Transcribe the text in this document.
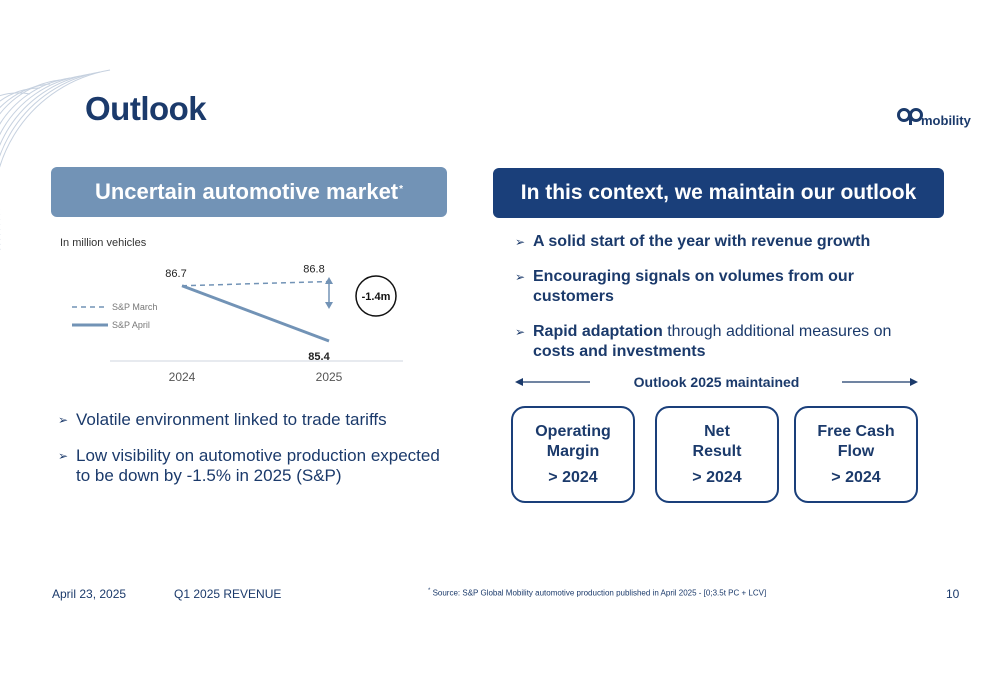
Outlook	mobility
Uncertain automotive market*	In this context, we maintain our outlook
In million vehicles
86.7	86.8
85.4
-1.4m
S&P March
S&P April
2024	2025
➢ Volatile environment linked to trade tariffs
➢ Low visibility on automotive production expected to be down by -1.5% in 2025 (S&P)
➢ A solid start of the year with revenue growth
➢ Encouraging signals on volumes from our customers
➢ Rapid adaptation through additional measures on costs and investments
Outlook 2025 maintained
Operating
Margin
> 2024
Net
Result
> 2024
Free Cash
Flow
> 2024
April 23, 2025	Q1 2025 REVENUE	* Source: S&P Global Mobility automotive production published in April 2025 - [0;3.5t PC + LCV]	10
